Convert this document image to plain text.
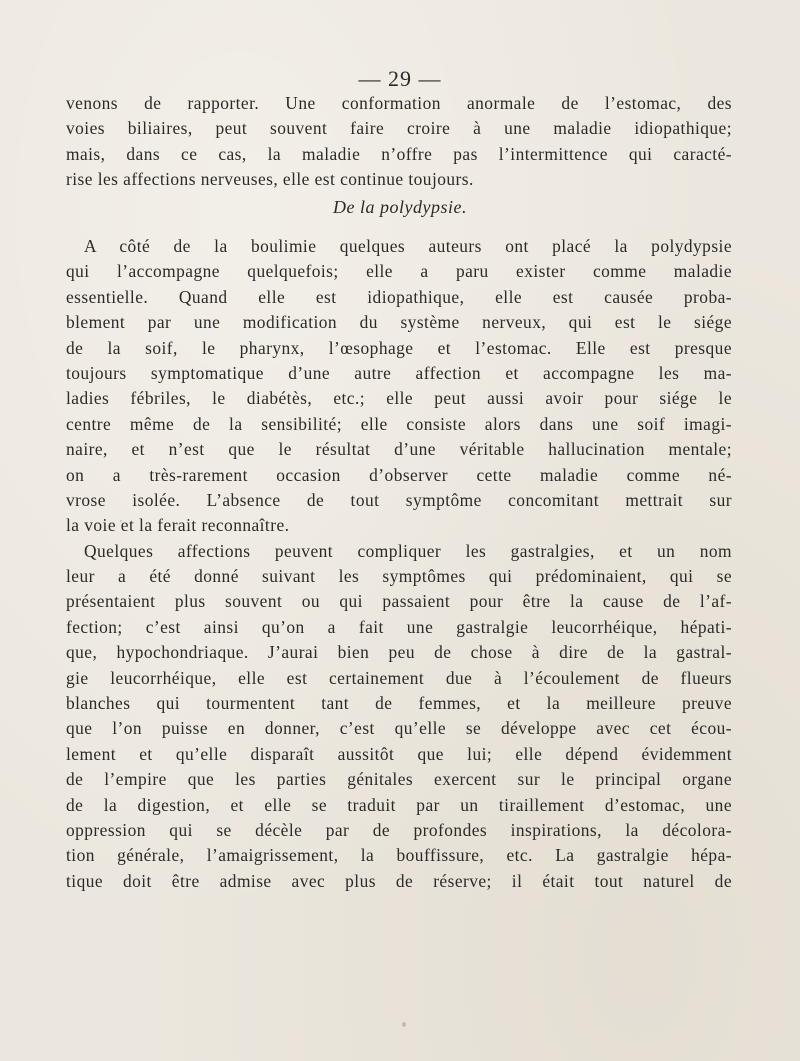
— 29 —
venons de rapporter. Une conformation anormale de l’estomac, des
voies biliaires, peut souvent faire croire à une maladie idiopathique;
mais, dans ce cas, la maladie n’offre pas l’intermittence qui caracté-
rise les affections nerveuses, elle est continue toujours.
De la polydypsie.
A côté de la boulimie quelques auteurs ont placé la polydypsie
qui l’accompagne quelquefois; elle a paru exister comme maladie
essentielle. Quand elle est idiopathique, elle est causée proba-
blement par une modification du système nerveux, qui est le siége
de la soif, le pharynx, l’œsophage et l’estomac. Elle est presque
toujours symptomatique d’une autre affection et accompagne les ma-
ladies fébriles, le diabétès, etc.; elle peut aussi avoir pour siége le
centre même de la sensibilité; elle consiste alors dans une soif imagi-
naire, et n’est que le résultat d’une véritable hallucination mentale;
on a très-rarement occasion d’observer cette maladie comme né-
vrose isolée. L’absence de tout symptôme concomitant mettrait sur
la voie et la ferait reconnaître.
Quelques affections peuvent compliquer les gastralgies, et un nom
leur a été donné suivant les symptômes qui prédominaient, qui se
présentaient plus souvent ou qui passaient pour être la cause de l’af-
fection; c’est ainsi qu’on a fait une gastralgie leucorrhéique, hépati-
que, hypochondriaque. J’aurai bien peu de chose à dire de la gastral-
gie leucorrhéique, elle est certainement due à l’écoulement de flueurs
blanches qui tourmentent tant de femmes, et la meilleure preuve
que l’on puisse en donner, c’est qu’elle se développe avec cet écou-
lement et qu’elle disparaît aussitôt que lui; elle dépend évidemment
de l’empire que les parties génitales exercent sur le principal organe
de la digestion, et elle se traduit par un tiraillement d’estomac, une
oppression qui se décèle par de profondes inspirations, la décolora-
tion générale, l’amaigrissement, la bouffissure, etc. La gastralgie hépa-
tique doit être admise avec plus de réserve; il était tout naturel de
